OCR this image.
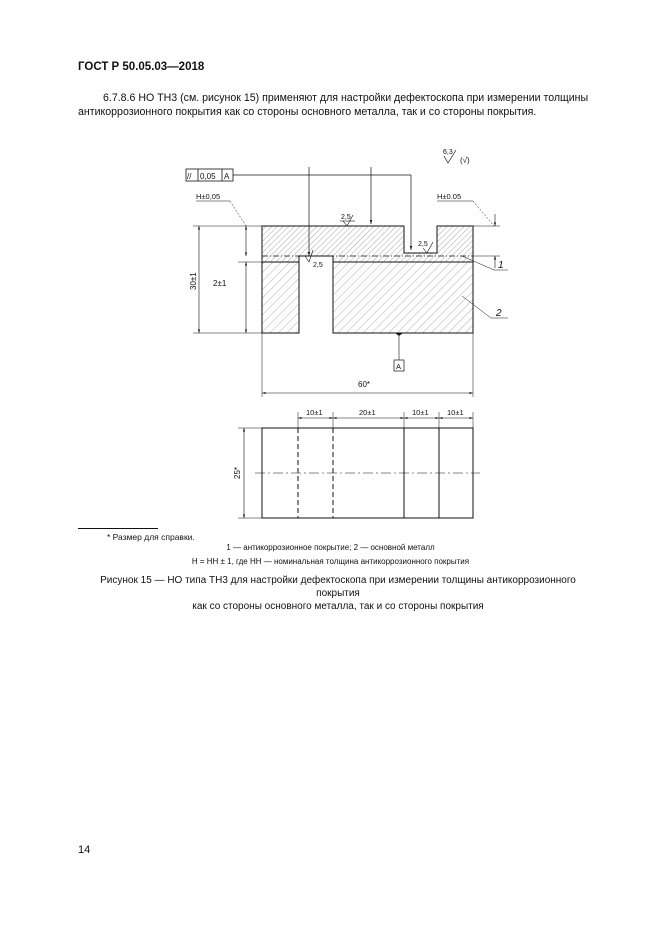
ГОСТ Р 50.05.03—2018
6.7.8.6 НО ТН3 (см. рисунок 15) применяют для настройки дефектоскопа при измерении толщины
антикоррозионного покрытия как со стороны основного металла, так и со стороны покрытия.
// 0,05 A
6,3
(√)
2,5
2,5
2,5
30±1 2±1
H±0,05	H±0.05
1
2
A
60*
10±1	20±1	10±1 10±1
25*
* Размер для справки.
1 — антикоррозионное покрытие; 2 — основной металл
H = HН ± 1, где HН — номинальная толщина антикоррозионного покрытия
Рисунок 15 — НО типа ТН3 для настройки дефектоскопа при измерении толщины антикоррозионного покрытия
как со стороны основного металла, так и со стороны покрытия
14
